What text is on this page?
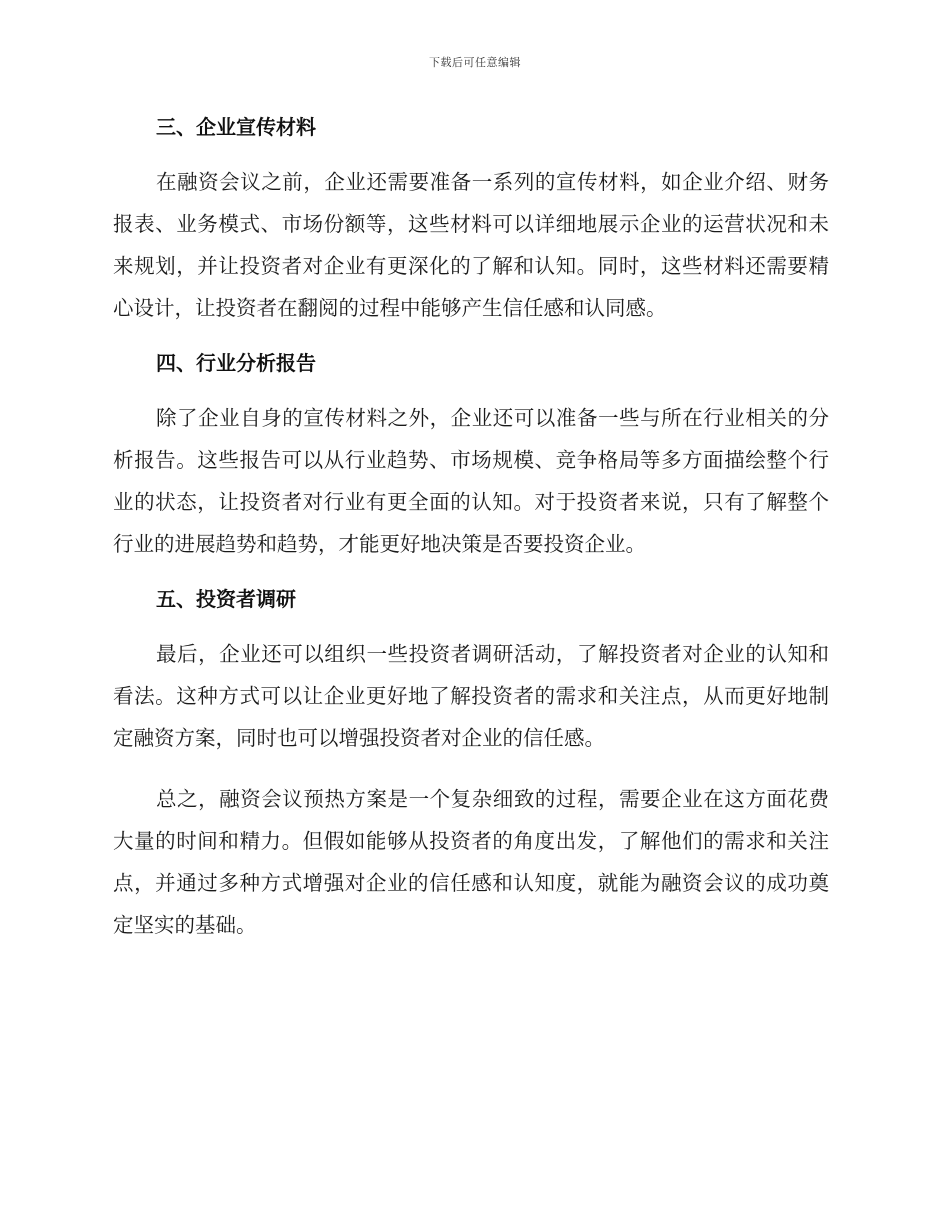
下载后可任意编辑
三、企业宣传材料

在融资会议之前，企业还需要准备一系列的宣传材料，如企业介绍、财务报表、业务模式、市场份额等，这些材料可以详细地展示企业的运营状况和未来规划，并让投资者对企业有更深化的了解和认知。同时，这些材料还需要精心设计，让投资者在翻阅的过程中能够产生信任感和认同感。

四、行业分析报告

除了企业自身的宣传材料之外，企业还可以准备一些与所在行业相关的分析报告。这些报告可以从行业趋势、市场规模、竞争格局等多方面描绘整个行业的状态，让投资者对行业有更全面的认知。对于投资者来说，只有了解整个行业的进展趋势和趋势，才能更好地决策是否要投资企业。

五、投资者调研

最后，企业还可以组织一些投资者调研活动，了解投资者对企业的认知和看法。这种方式可以让企业更好地了解投资者的需求和关注点，从而更好地制定融资方案，同时也可以增强投资者对企业的信任感。

总之，融资会议预热方案是一个复杂细致的过程，需要企业在这方面花费大量的时间和精力。但假如能够从投资者的角度出发，了解他们的需求和关注点，并通过多种方式增强对企业的信任感和认知度，就能为融资会议的成功奠定坚实的基础。
